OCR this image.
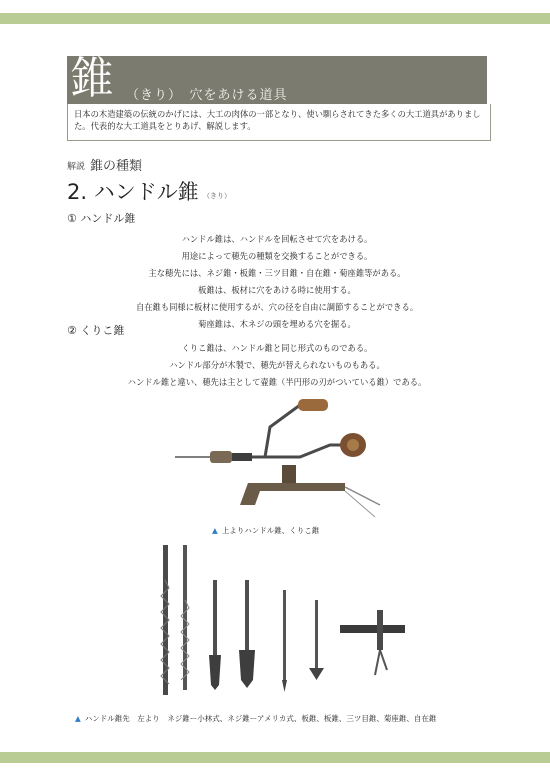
錐 （きり）　穴をあける道具
日本の木造建築の伝統のかげには、大工の肉体の一部となり、使い馴らされてきた多くの大工道具がありました。代表的な大工道具をとりあげ、解説します。
解説 錐の種類
2. ハンドル錐 （きり）
① ハンドル錐
ハンドル錐は、ハンドルを回転させて穴をあける。
用途によって穂先の種類を交換することができる。
主な穂先には、ネジ錐・板錐・三ツ目錐・自在錐・菊座錐等がある。
板錐は、板材に穴をあける時に使用する。
自在錐も同様に板材に使用するが、穴の径を自由に調節することができる。
菊座錐は、木ネジの頭を埋める穴を掘る。
② くりこ錐
くりこ錐は、ハンドル錐と同じ形式のものである。
ハンドル部分が木製で、穂先が替えられないものもある。
ハンドル錐と違い、穂先は主として壷錐（半円形の刃がついている錐）である。
▲ 上よりハンドル錐、くりこ錐
▲ ハンドル錐先　左より　ネジ錐ー小林式、ネジ錐ーアメリカ式、板錐、板錐、三ツ目錐、菊座錐、自在錐
